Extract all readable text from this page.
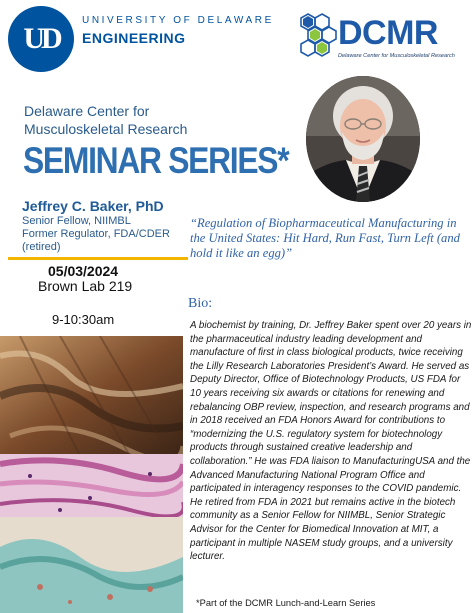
UD
UNIVERSITY OF DELAWARE
ENGINEERING	DCMR
Delaware Center for Musculoskeletal Research
Delaware Center for
Musculoskeletal Research
SEMINAR SERIES*
Jeffrey C. Baker, PhD
Senior Fellow, NIIMBL
Former Regulator, FDA/CDER
(retired)
05/03/2024
Brown Lab 219
9-10:30am
“Regulation of Biopharmaceutical Manufacturing in the United States: Hit Hard, Run Fast, Turn Left (and hold it like an egg)”
Bio:
A biochemist by training, Dr. Jeffrey Baker spent over 20 years in the pharmaceutical industry leading development and manufacture of first in class biological products, twice receiving the Lilly Research Laboratories President’s Award. He served as Deputy Director, Office of Biotechnology Products, US FDA for 10 years receiving six awards or citations for renewing and rebalancing OBP review, inspection, and research programs and in 2018 received an FDA Honors Award for contributions to “modernizing the U.S. regulatory system for biotechnology products through sustained creative leadership and collaboration.” He was FDA liaison to ManufacturingUSA and the Advanced Manufacturing National Program Office and participated in interagency responses to the COVID pandemic. He retired from FDA in 2021 but remains active in the biotech community as a Senior Fellow for NIIMBL, Senior Strategic Advisor for the Center for Biomedical Innovation at MIT, a participant in multiple NASEM study groups, and a university lecturer.
*Part of the DCMR Lunch-and-Learn Series
